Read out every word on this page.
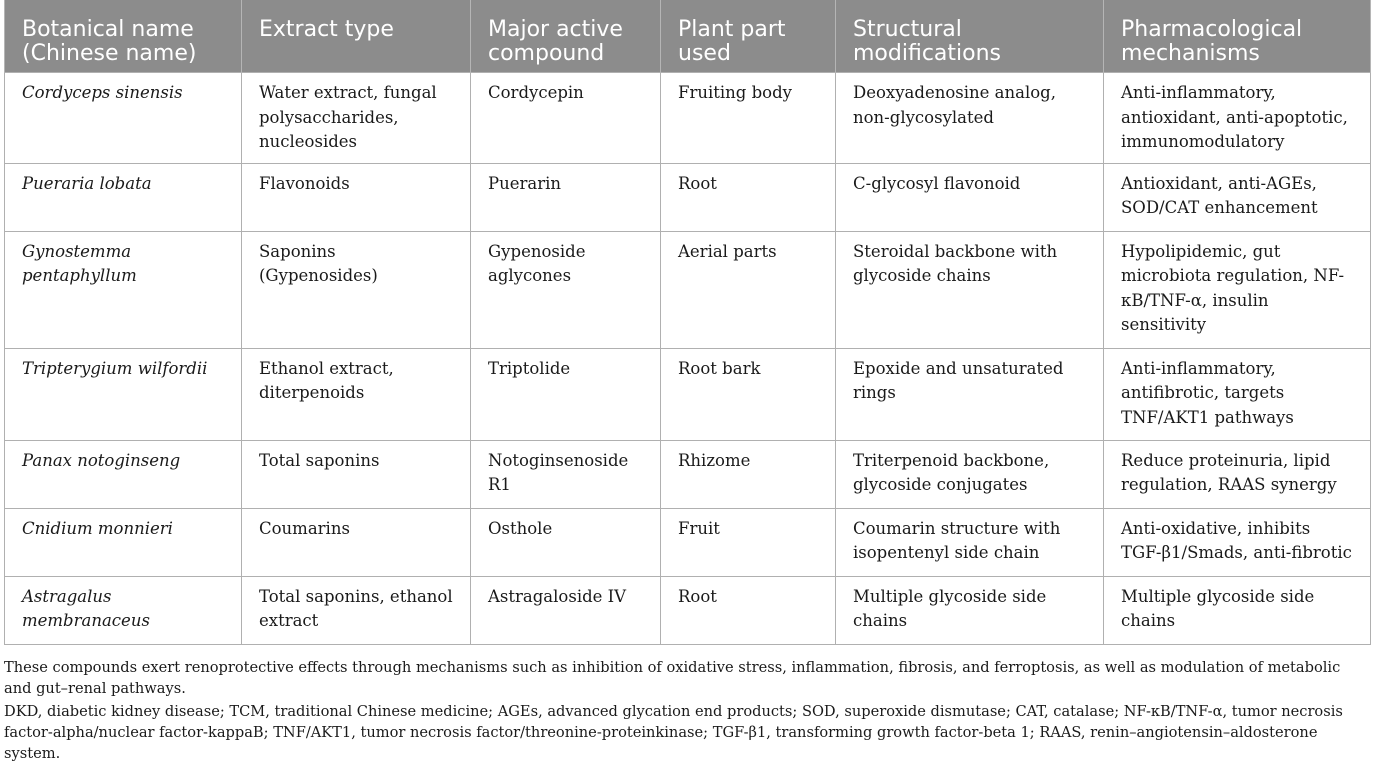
Botanical name (Chinese name)	Extract type	Major active compound	Plant part used	Structural modifications	Pharmacological mechanisms
Cordyceps sinensis	Water extract, fungal polysaccharides, nucleosides	Cordycepin	Fruiting body	Deoxyadenosine analog, non-glycosylated	Anti-inflammatory, antioxidant, anti-apoptotic, immunomodulatory
Pueraria lobata	Flavonoids	Puerarin	Root	C-glycosyl flavonoid	Antioxidant, anti-AGEs, SOD/CAT enhancement
Gynostemma pentaphyllum	Saponins (Gypenosides)	Gypenoside aglycones	Aerial parts	Steroidal backbone with glycoside chains	Hypolipidemic, gut microbiota regulation, NF-κB/TNF-α, insulin sensitivity
Tripterygium wilfordii	Ethanol extract, diterpenoids	Triptolide	Root bark	Epoxide and unsaturated rings	Anti-inflammatory, antifibrotic, targets TNF/AKT1 pathways
Panax notoginseng	Total saponins	Notoginsenoside R1	Rhizome	Triterpenoid backbone, glycoside conjugates	Reduce proteinuria, lipid regulation, RAAS synergy
Cnidium monnieri	Coumarins	Osthole	Fruit	Coumarin structure with isopentenyl side chain	Anti-oxidative, inhibits TGF-β1/Smads, anti-fibrotic
Astragalus membranaceus	Total saponins, ethanol extract	Astragaloside IV	Root	Multiple glycoside side chains	Multiple glycoside side chains

These compounds exert renoprotective effects through mechanisms such as inhibition of oxidative stress, inflammation, fibrosis, and ferroptosis, as well as modulation of metabolic and gut–renal pathways.

DKD, diabetic kidney disease; TCM, traditional Chinese medicine; AGEs, advanced glycation end products; SOD, superoxide dismutase; CAT, catalase; NF-κB/TNF-α, tumor necrosis factor-alpha/nuclear factor-kappaB; TNF/AKT1, tumor necrosis factor/threonine-proteinkinase; TGF-β1, transforming growth factor-beta 1; RAAS, renin–angiotensin–aldosterone system.
